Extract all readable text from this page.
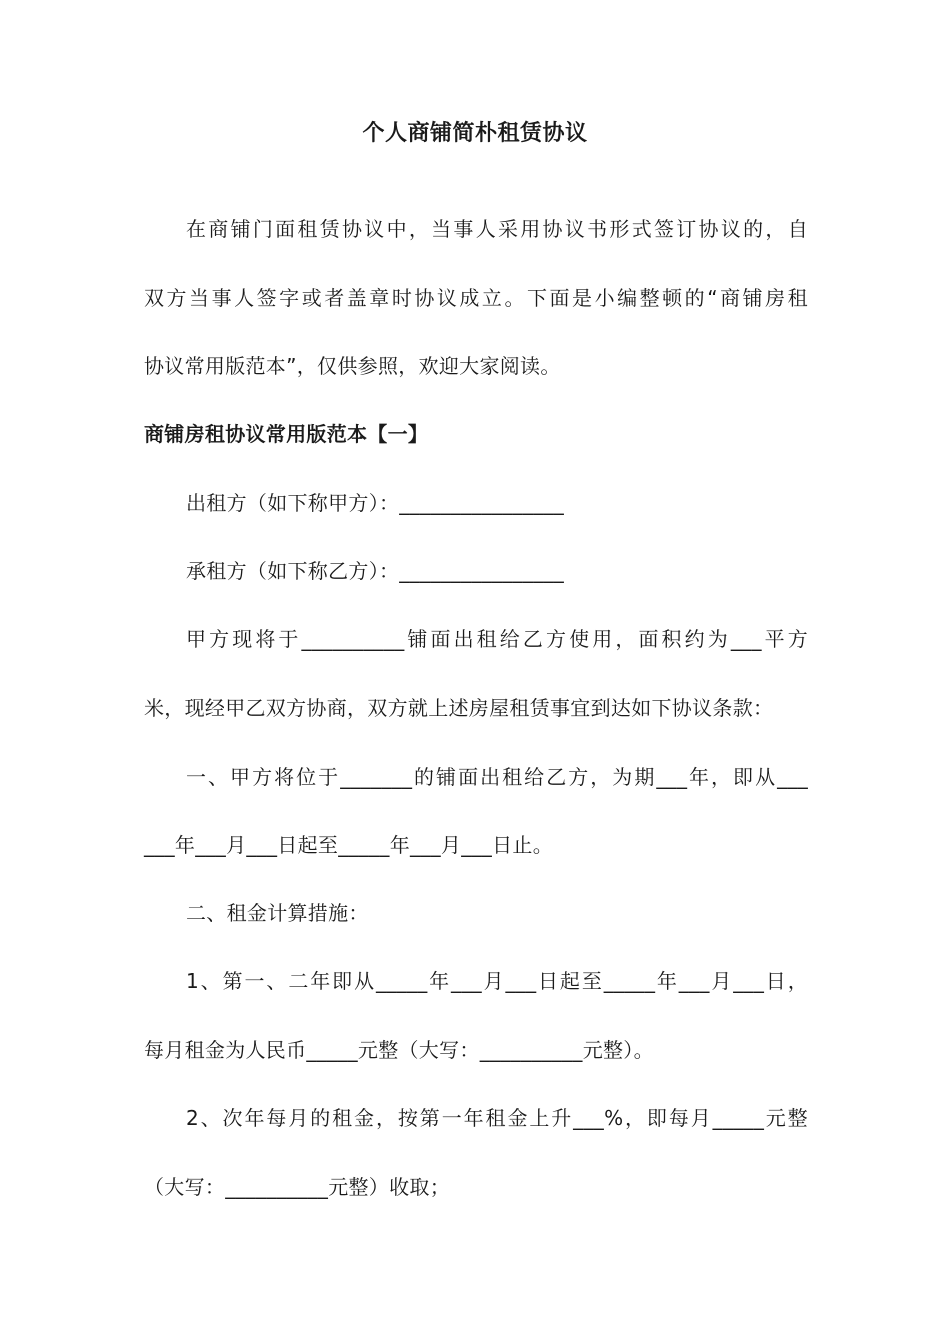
个人商铺简朴租赁协议
在商铺门面租赁协议中，当事人采用协议书形式签订协议的，自
双方当事人签字或者盖章时协议成立。下面是小编整顿的“商铺房租
协议常用版范本”，仅供参照，欢迎大家阅读。
商铺房租协议常用版范本【一】
出租方（如下称甲方）：________________
承租方（如下称乙方）：________________
甲方现将于__________铺面出租给乙方使用，面积约为___平方
米，现经甲乙双方协商，双方就上述房屋租赁事宜到达如下协议条款：
一、甲方将位于_______的铺面出租给乙方，为期___年，即从___
___年___月___日起至_____年___月___日止。
二、租金计算措施：
1、第一、二年即从_____年___月___日起至_____年___月___日，
每月租金为人民币_____元整（大写：__________元整）。
2、次年每月的租金，按第一年租金上升___%，即每月_____元整
（大写：__________元整）收取；
